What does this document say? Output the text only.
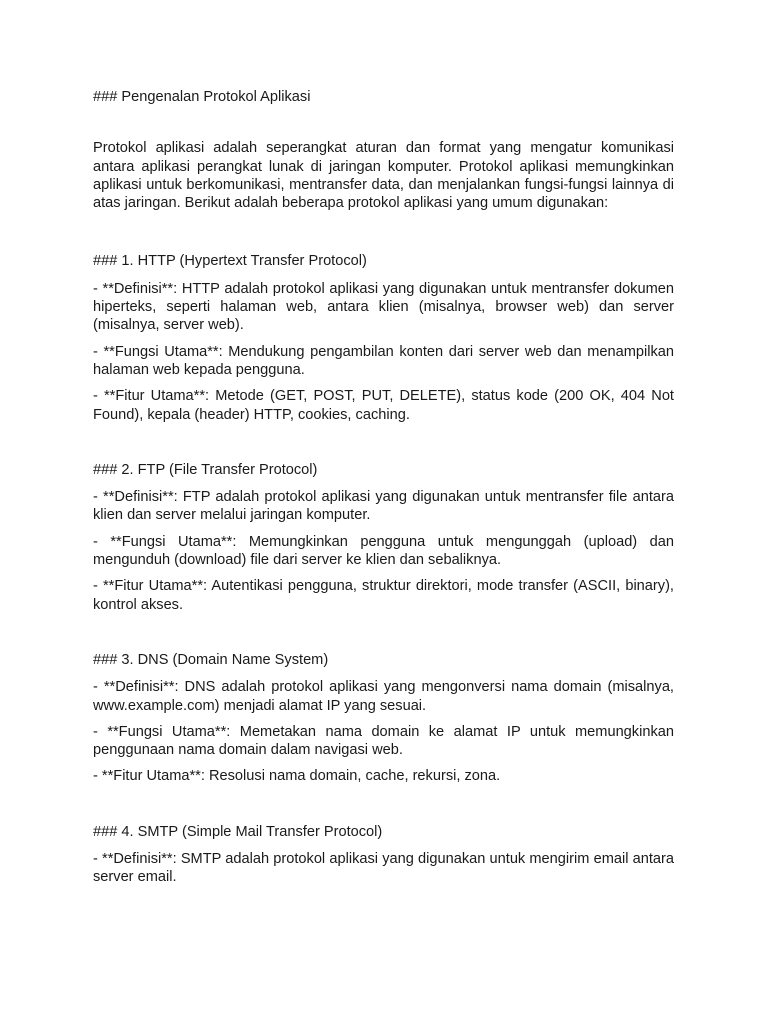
### Pengenalan Protokol Aplikasi

Protokol aplikasi adalah seperangkat aturan dan format yang mengatur komunikasi antara aplikasi perangkat lunak di jaringan komputer. Protokol aplikasi memungkinkan aplikasi untuk berkomunikasi, mentransfer data, dan menjalankan fungsi-fungsi lainnya di atas jaringan. Berikut adalah beberapa protokol aplikasi yang umum digunakan:

### 1. HTTP (Hypertext Transfer Protocol)

- **Definisi**: HTTP adalah protokol aplikasi yang digunakan untuk mentransfer dokumen hiperteks, seperti halaman web, antara klien (misalnya, browser web) dan server (misalnya, server web).

- **Fungsi Utama**: Mendukung pengambilan konten dari server web dan menampilkan halaman web kepada pengguna.

- **Fitur Utama**: Metode (GET, POST, PUT, DELETE), status kode (200 OK, 404 Not Found), kepala (header) HTTP, cookies, caching.

### 2. FTP (File Transfer Protocol)

- **Definisi**: FTP adalah protokol aplikasi yang digunakan untuk mentransfer file antara klien dan server melalui jaringan komputer.

- **Fungsi Utama**: Memungkinkan pengguna untuk mengunggah (upload) dan mengunduh (download) file dari server ke klien dan sebaliknya.

- **Fitur Utama**: Autentikasi pengguna, struktur direktori, mode transfer (ASCII, binary), kontrol akses.

### 3. DNS (Domain Name System)

- **Definisi**: DNS adalah protokol aplikasi yang mengonversi nama domain (misalnya, www.example.com) menjadi alamat IP yang sesuai.

- **Fungsi Utama**: Memetakan nama domain ke alamat IP untuk memungkinkan penggunaan nama domain dalam navigasi web.

- **Fitur Utama**: Resolusi nama domain, cache, rekursi, zona.

### 4. SMTP (Simple Mail Transfer Protocol)

- **Definisi**: SMTP adalah protokol aplikasi yang digunakan untuk mengirim email antara server email.
